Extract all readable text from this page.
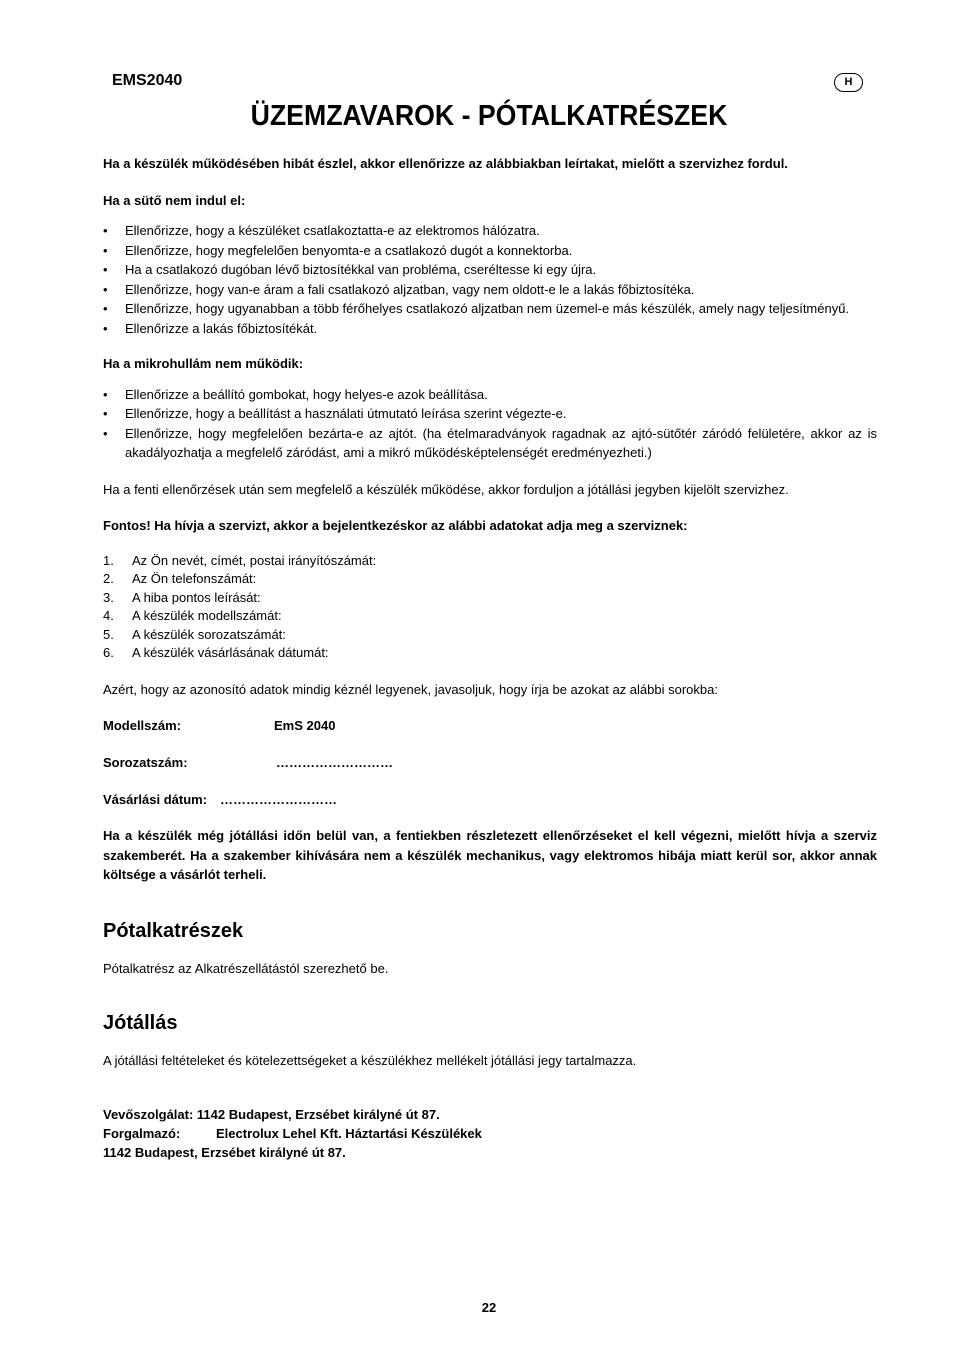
EMS2040	H
ÜZEMZAVAROK - PÓTALKATRÉSZEK

Ha a készülék működésében hibát észlel, akkor ellenőrizze az alábbiakban leírtakat, mielőtt a szervizhez fordul.

Ha a sütő nem indul el:

• Ellenőrizze, hogy a készüléket csatlakoztatta-e az elektromos hálózatra.
• Ellenőrizze, hogy megfelelően benyomta-e a csatlakozó dugót a konnektorba.
• Ha a csatlakozó dugóban lévő biztosítékkal van probléma, cseréltesse ki egy újra.
• Ellenőrizze, hogy van-e áram a fali csatlakozó aljzatban, vagy nem oldott-e le a lakás főbiztosítéka.
• Ellenőrizze, hogy ugyanabban a több férőhelyes csatlakozó aljzatban nem üzemel-e más készülék, amely nagy teljesítményű.
• Ellenőrizze a lakás főbiztosítékát.

Ha a mikrohullám nem működik:

• Ellenőrizze a beállító gombokat, hogy helyes-e azok beállítása.
• Ellenőrizze, hogy a beállítást a használati útmutató leírása szerint végezte-e.
• Ellenőrizze, hogy megfelelően bezárta-e az ajtót. (ha ételmaradványok ragadnak az ajtó-sütőtér záródó felületére, akkor az is akadályozhatja a megfelelő záródást, ami a mikró működésképtelenségét eredményezheti.)

Ha a fenti ellenőrzések után sem megfelelő a készülék működése, akkor forduljon a jótállási jegyben kijelölt szervizhez.

Fontos! Ha hívja a szervizt, akkor a bejelentkezéskor az alábbi adatokat adja meg a szerviznek:

1. Az Ön nevét, címét, postai irányítószámát:
2. Az Ön telefonszámát:
3. A hiba pontos leírását:
4. A készülék modellszámát:
5. A készülék sorozatszámát:
6. A készülék vásárlásának dátumát:

Azért, hogy az azonosító adatok mindig kéznél legyenek, javasoljuk, hogy írja be azokat az alábbi sorokba:

Modellszám:	EmS 2040
Sorozatszám:	………………………
Vásárlási dátum: ………………………

Ha a készülék még jótállási időn belül van, a fentiekben részletezett ellenőrzéseket el kell végezni, mielőtt hívja a szerviz szakemberét. Ha a szakember kihívására nem a készülék mechanikus, vagy elektromos hibája miatt kerül sor, akkor annak költsége a vásárlót terheli.

Pótalkatrészek

Pótalkatrész az Alkatrészellátástól szerezhető be.

Jótállás

A jótállási feltételeket és kötelezettségeket a készülékhez mellékelt jótállási jegy tartalmazza.

Vevőszolgálat: 1142 Budapest, Erzsébet királyné út 87.
Forgalmazó:	Electrolux Lehel Kft. Háztartási Készülékek
1142 Budapest, Erzsébet királyné út 87.
22
